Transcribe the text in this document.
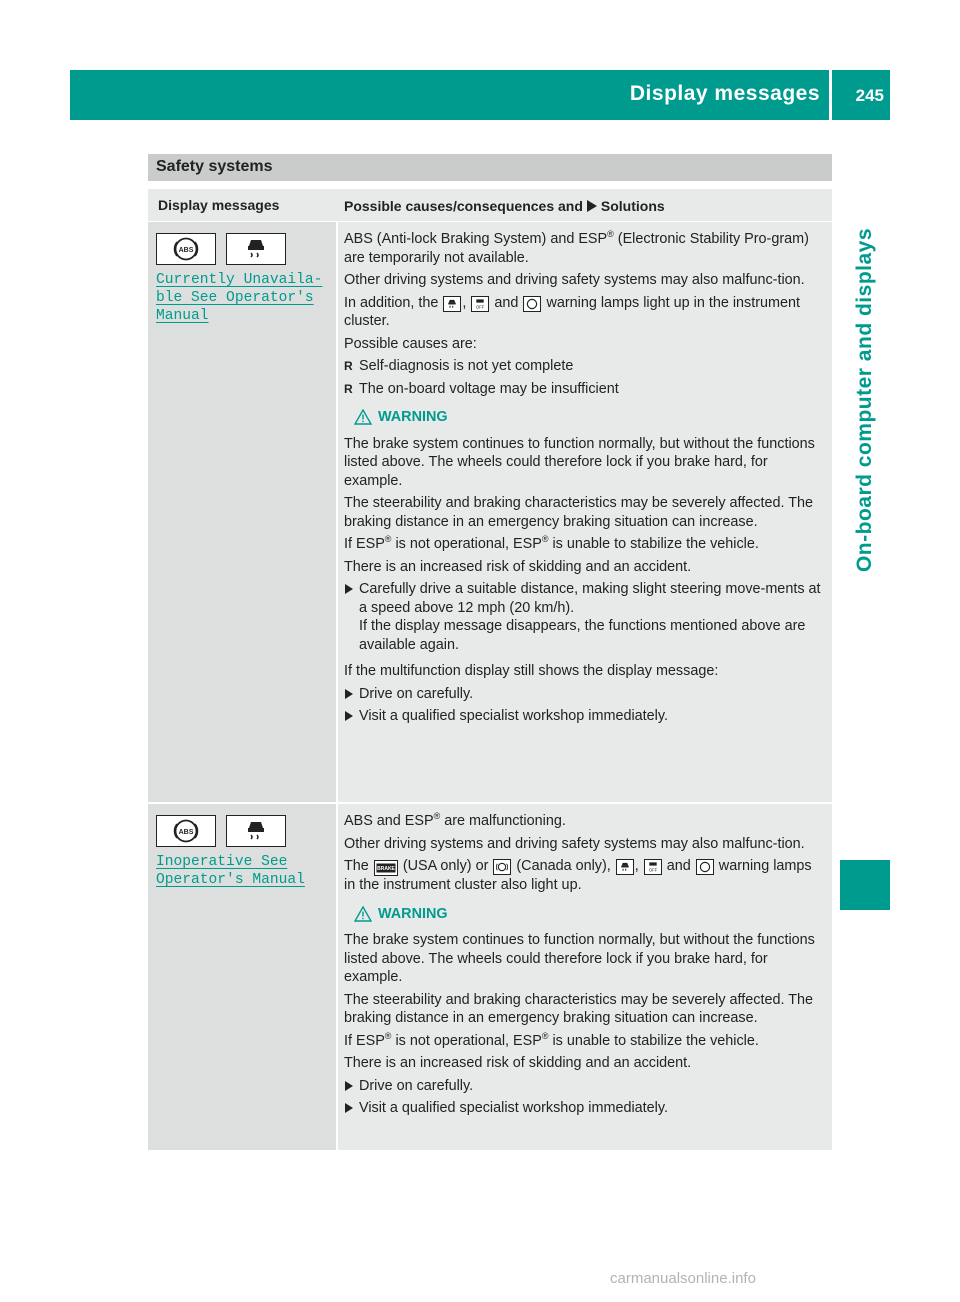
Display messages 245
On-board computer and displays
Safety systems
Display messages	Possible causes/consequences and Solutions
ABS
Currently Unavaila‐
ble See Operator's
Manual

ABS (Anti-lock Braking System) and ESP® (Electronic Stability Pro-gram) are temporarily not available.

Other driving systems and driving safety systems may also malfunc-tion.

In addition, the , OFF and warning lamps light up in the instrument cluster.

Possible causes are:

R Self-diagnosis is not yet complete
R The on-board voltage may be insufficient
WARNING

The brake system continues to function normally, but without the functions listed above. The wheels could therefore lock if you brake hard, for example.

The steerability and braking characteristics may be severely affected. The braking distance in an emergency braking situation can increase.

If ESP® is not operational, ESP® is unable to stabilize the vehicle.

There is an increased risk of skidding and an accident.

Carefully drive a suitable distance, making slight steering move-ments at a speed above 12 mph (20 km/h).
If the display message disappears, the functions mentioned above are available again.

If the multifunction display still shows the display message:

Drive on carefully.
Visit a qualified specialist workshop immediately.
ABS
Inoperative See
Operator's Manual

ABS and ESP® are malfunctioning.

Other driving systems and driving safety systems may also malfunc-tion.

The BRAKE (USA only) or (Canada only), , OFF and warning lamps in the instrument cluster also light up.

WARNING

The brake system continues to function normally, but without the functions listed above. The wheels could therefore lock if you brake hard, for example.

The steerability and braking characteristics may be severely affected. The braking distance in an emergency braking situation can increase.

If ESP® is not operational, ESP® is unable to stabilize the vehicle.

There is an increased risk of skidding and an accident.

Drive on carefully.
Visit a qualified specialist workshop immediately.
carmanualsonline.info
